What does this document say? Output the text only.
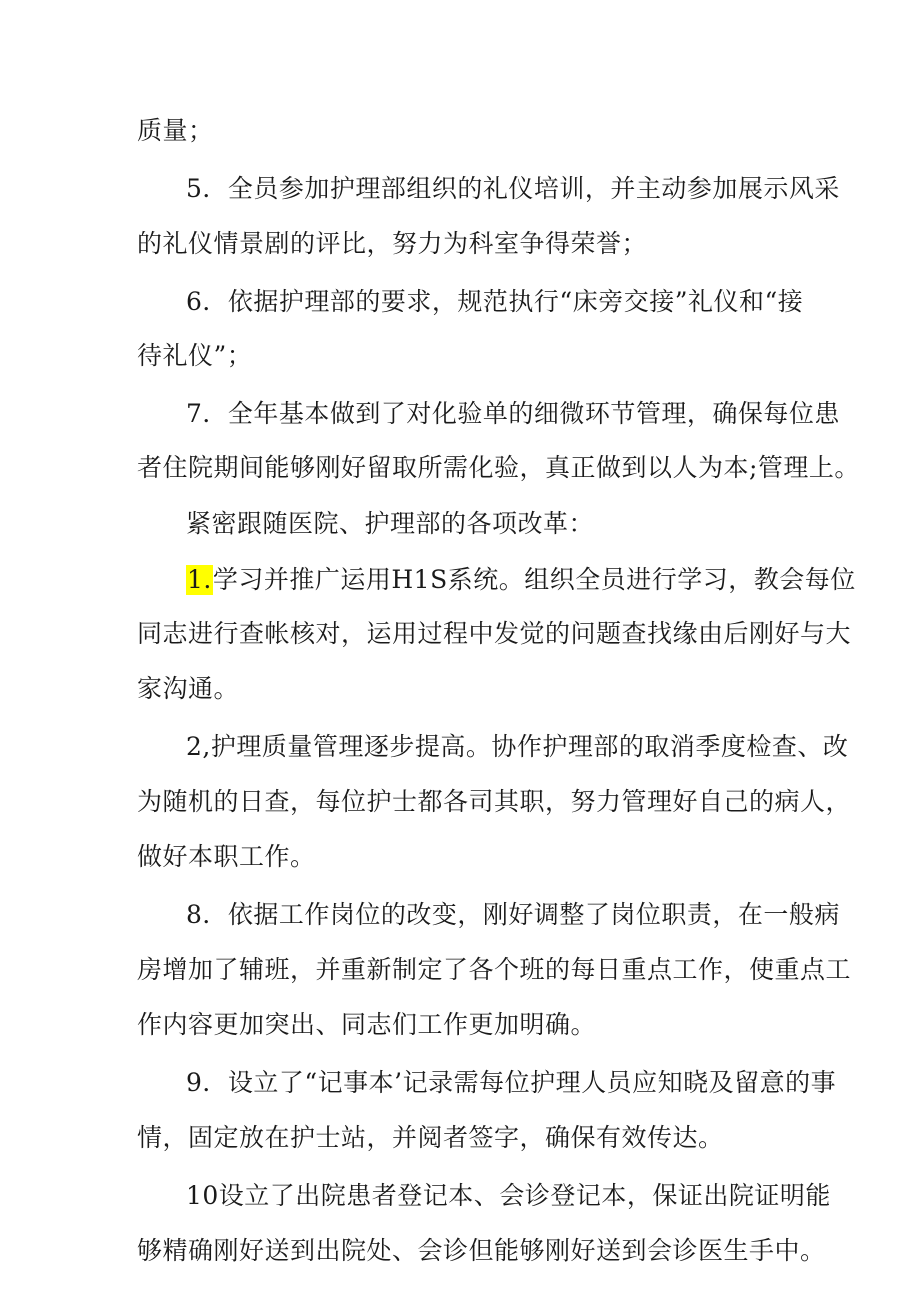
质量；
5．全员参加护理部组织的礼仪培训，并主动参加展示风采
的礼仪情景剧的评比，努力为科室争得荣誉；
6．依据护理部的要求，规范执行“床旁交接”礼仪和“接
待礼仪”；
7．全年基本做到了对化验单的细微环节管理，确保每位患
者住院期间能够刚好留取所需化验，真正做到以人为本;管理上。
紧密跟随医院、护理部的各项改革：
1.学习并推广运用H1S系统。组织全员进行学习，教会每位
同志进行查帐核对，运用过程中发觉的问题查找缘由后刚好与大
家沟通。
2,护理质量管理逐步提高。协作护理部的取消季度检查、改
为随机的日查，每位护士都各司其职，努力管理好自己的病人，
做好本职工作。
8．依据工作岗位的改变，刚好调整了岗位职责，在一般病
房增加了辅班，并重新制定了各个班的每日重点工作，使重点工
作内容更加突出、同志们工作更加明确。
9．设立了“记事本’记录需每位护理人员应知晓及留意的事
情，固定放在护士站，并阅者签字，确保有效传达。
10设立了出院患者登记本、会诊登记本，保证出院证明能
够精确刚好送到出院处、会诊但能够刚好送到会诊医生手中。
